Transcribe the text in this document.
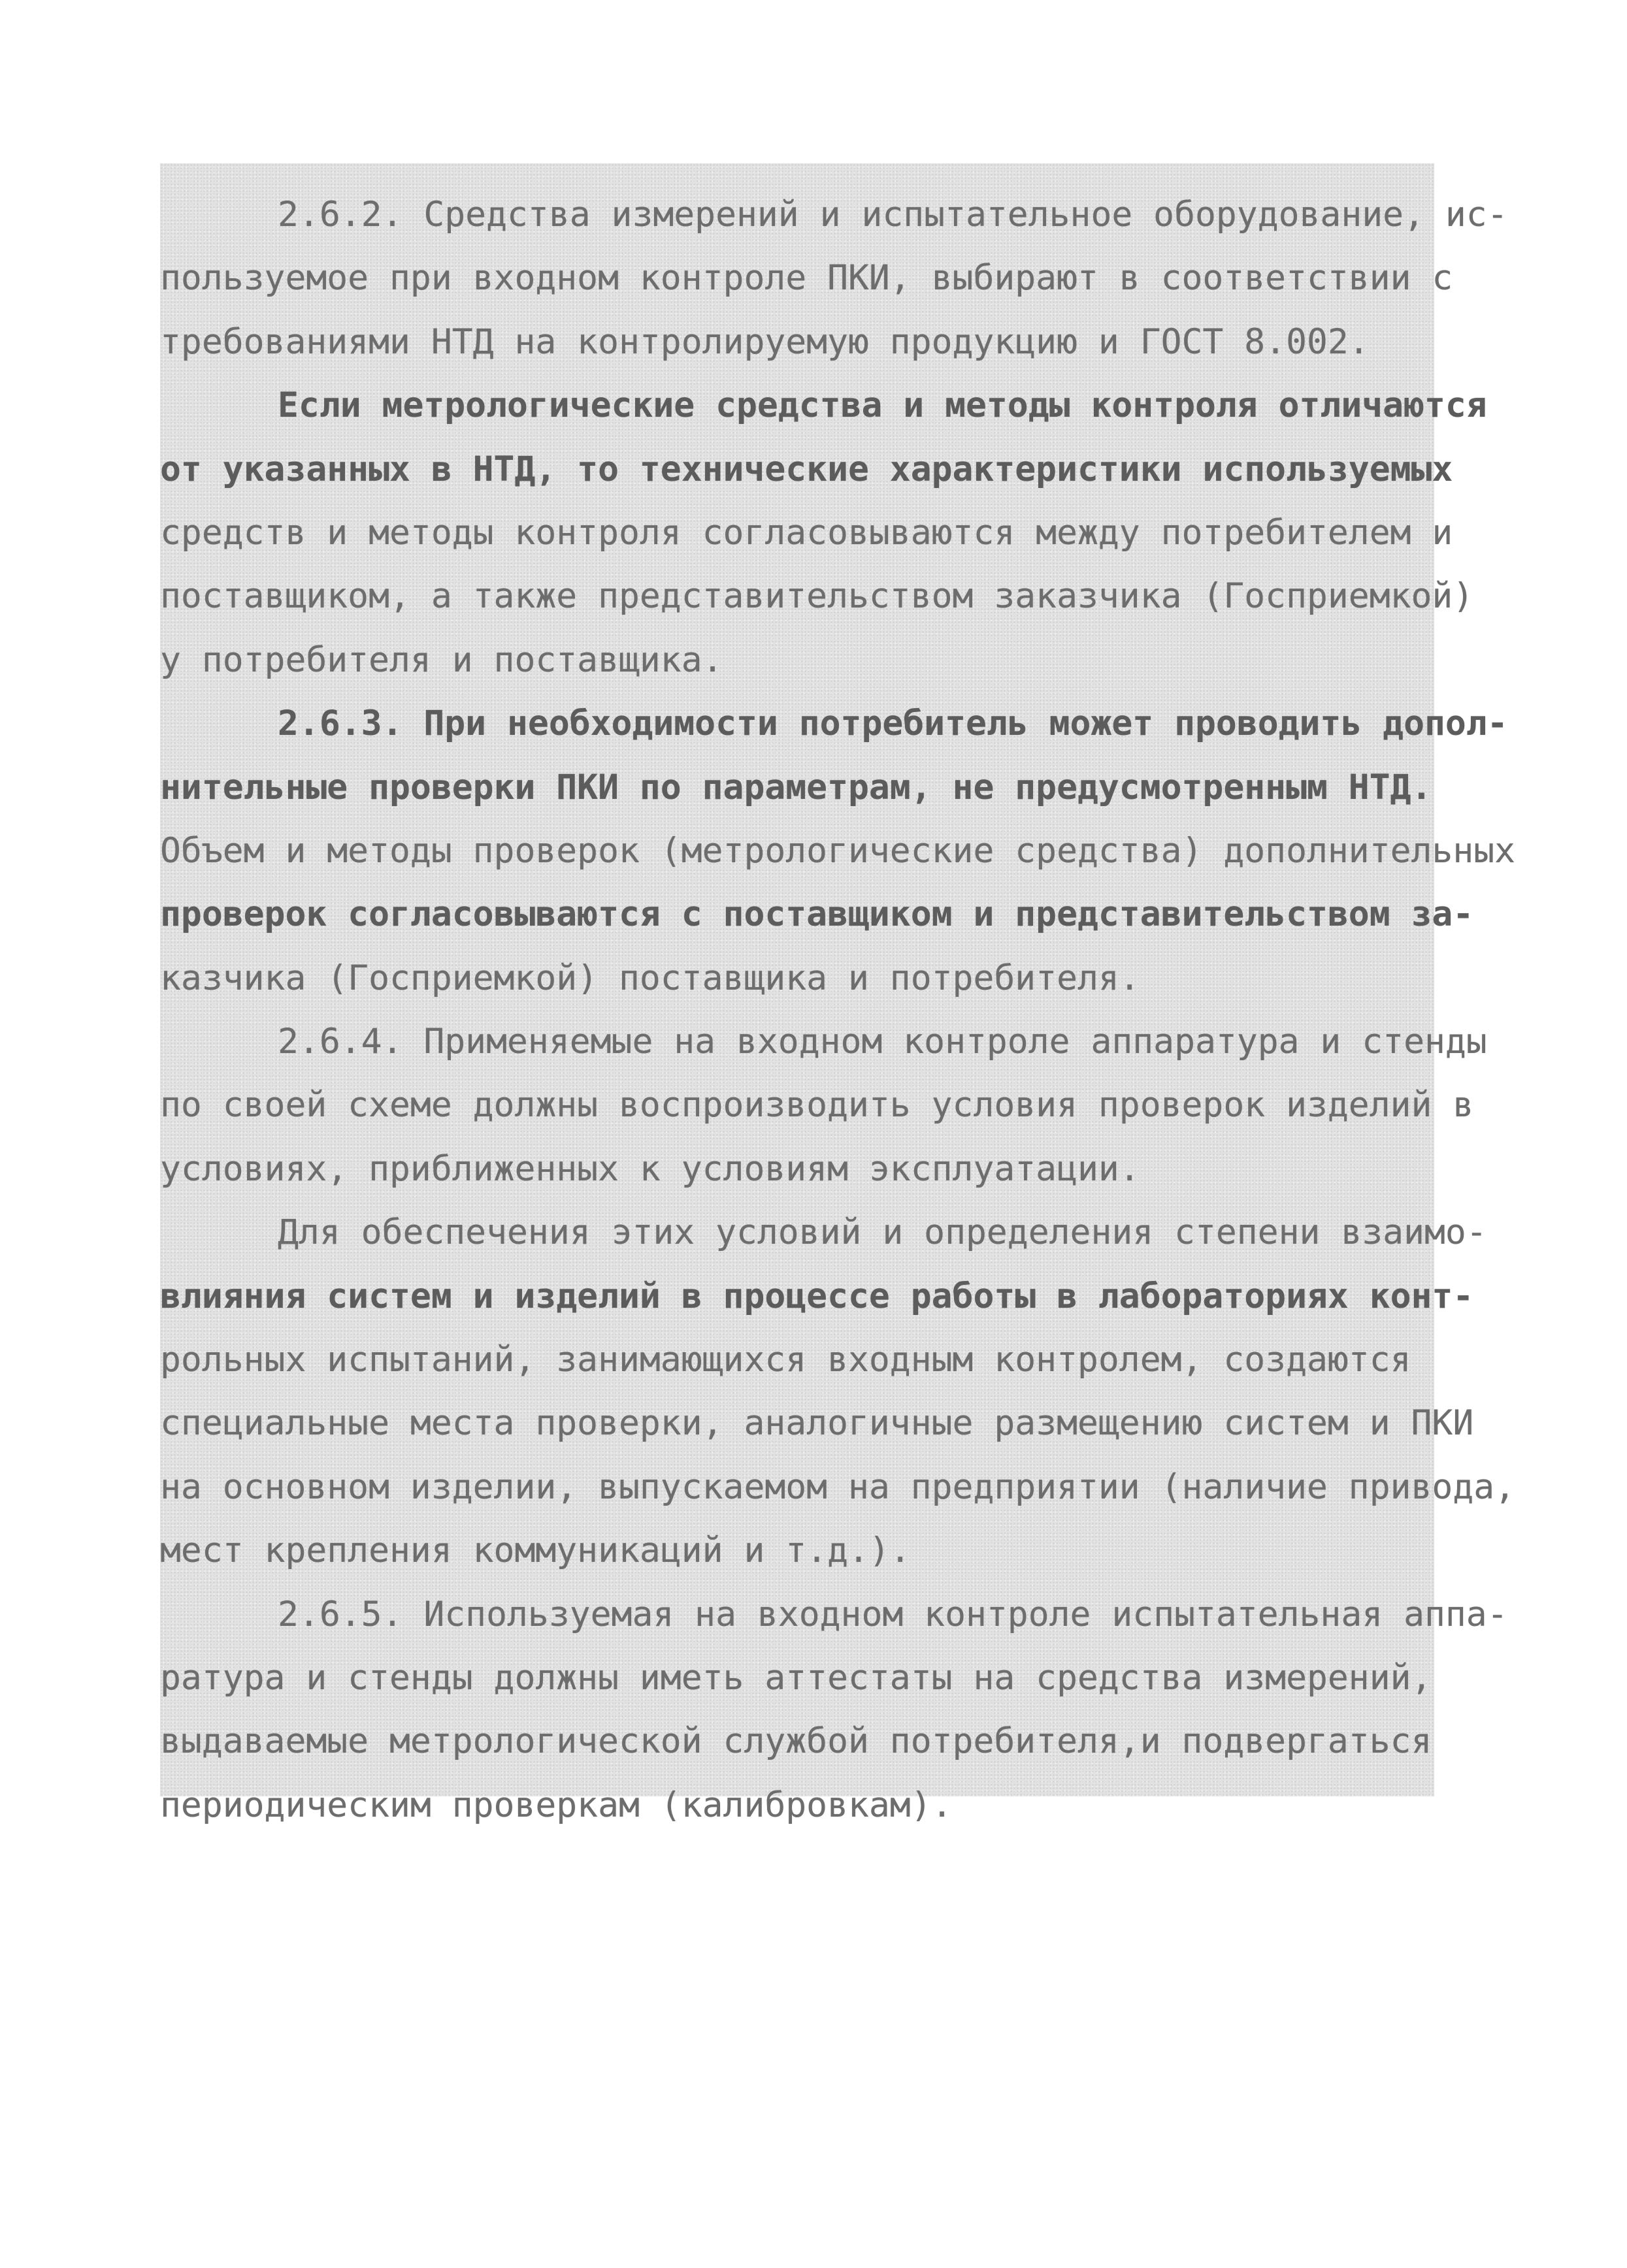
2.6.2. Средства измерений и испытательное оборудование, ис-
пользуемое при входном контроле ПКИ, выбирают в соответствии с
требованиями НТД на контролируемую продукцию и ГОСТ 8.002.
Если метрологические средства и методы контроля отличаются
от указанных в НТД, то технические характеристики используемых
средств и методы контроля согласовываются между потребителем и
поставщиком, а также представительством заказчика (Госприемкой)
у потребителя и поставщика.
2.6.3. При необходимости потребитель может проводить допол-
нительные проверки ПКИ по параметрам, не предусмотренным НТД.
Объем и методы проверок (метрологические средства) дополнительных
проверок согласовываются с поставщиком и представительством за-
казчика (Госприемкой) поставщика и потребителя.
2.6.4. Применяемые на входном контроле аппаратура и стенды
по своей схеме должны воспроизводить условия проверок изделий в
условиях, приближенных к условиям эксплуатации.
Для обеспечения этих условий и определения степени взаимо-
влияния систем и изделий в процессе работы в лабораториях конт-
рольных испытаний, занимающихся входным контролем, создаются
специальные места проверки, аналогичные размещению систем и ПКИ
на основном изделии, выпускаемом на предприятии (наличие привода,
мест крепления коммуникаций и т.д.).
2.6.5. Используемая на входном контроле испытательная аппа-
ратура и стенды должны иметь аттестаты на средства измерений,
выдаваемые метрологической службой потребителя,и подвергаться
периодическим проверкам (калибровкам).
